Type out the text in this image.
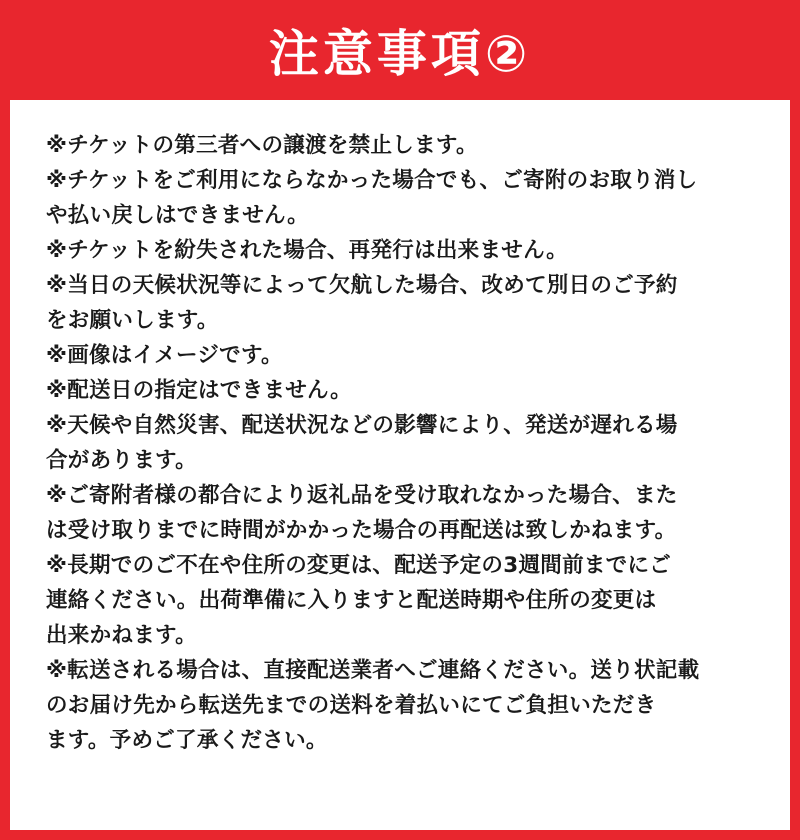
注意事項②
※チケットの第三者への譲渡を禁止します。
※チケットをご利用にならなかった場合でも、ご寄附のお取り消し
や払い戻しはできません。
※チケットを紛失された場合、再発行は出来ません。
※当日の天候状況等によって欠航した場合、改めて別日のご予約
をお願いします。
※画像はイメージです。
※配送日の指定はできません。
※天候や自然災害、配送状況などの影響により、発送が遅れる場
合があります。
※ご寄附者様の都合により返礼品を受け取れなかった場合、また
は受け取りまでに時間がかかった場合の再配送は致しかねます。
※長期でのご不在や住所の変更は、配送予定の3週間前までにご
連絡ください。出荷準備に入りますと配送時期や住所の変更は
出来かねます。
※転送される場合は、直接配送業者へご連絡ください。送り状記載
のお届け先から転送先までの送料を着払いにてご負担いただき
ます。予めご了承ください。
